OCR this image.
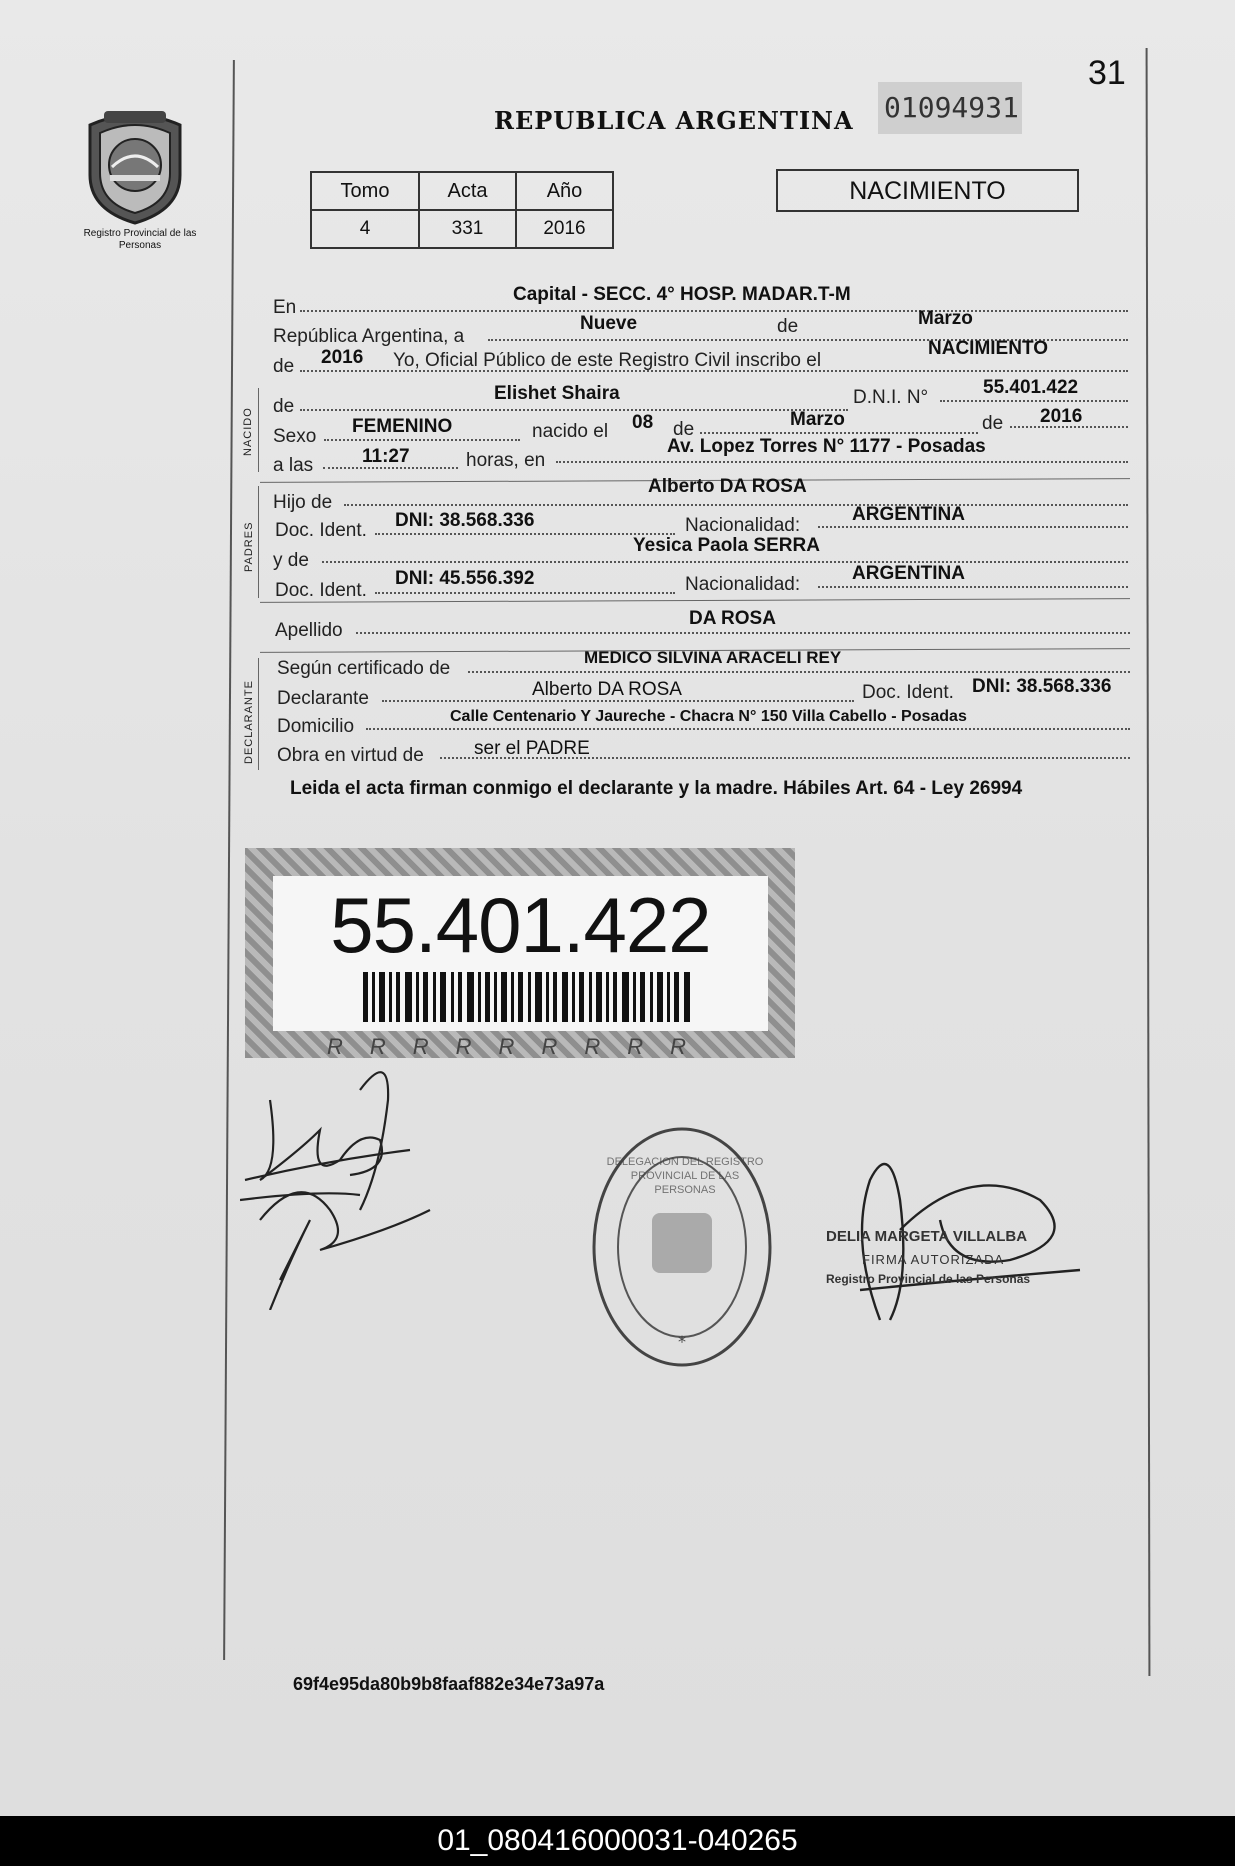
31
01094931
REPUBLICA ARGENTINA
Registro Provincial de las Personas
Tomo	Acta	Año
4	331	2016
NACIMIENTO
En
Capital - SECC. 4° HOSP. MADAR.T-M
República Argentina, a
Nueve	de	Marzo
de 2016 Yo, Oficial Público de este Registro Civil inscribo el
NACIMIENTO
NACIDO
de
Elishet Shaira	D.N.I. N°	55.401.422
Sexo FEMENINO	nacido el 08 de	Marzo	de 2016
a las	11:27	horas, en
Av. Lopez Torres N° 1177 - Posadas
PADRES
Hijo de
Alberto DA ROSA
Doc. Ident. DNI: 38.568.336	Nacionalidad:
ARGENTINA
y de
Yesica Paola SERRA
Doc. Ident.
DNI: 45.556.392	Nacionalidad:
ARGENTINA
Apellido
DA ROSA
DECLARANTE
Según certificado de
MEDICO SILVINA ARACELI REY
Declarante	Alberto DA ROSA	Doc. Ident. DNI: 38.568.336
Domicilio	Calle Centenario Y Jaureche - Chacra N° 150 Villa Cabello - Posadas
Obra en virtud de	ser el PADRE
Leida el acta firman conmigo el declarante y la madre. Hábiles Art. 64 - Ley 26994
55.401.422
RRRRRRRRR
*
DELEGACION DEL REGISTRO PROVINCIAL DE LAS PERSONAS
DELIA MARGETA VILLALBA
FIRMA AUTORIZADA
Registro Provincial de las Personas
69f4e95da80b9b8faaf882e34e73a97a
01_080416000031-040265
